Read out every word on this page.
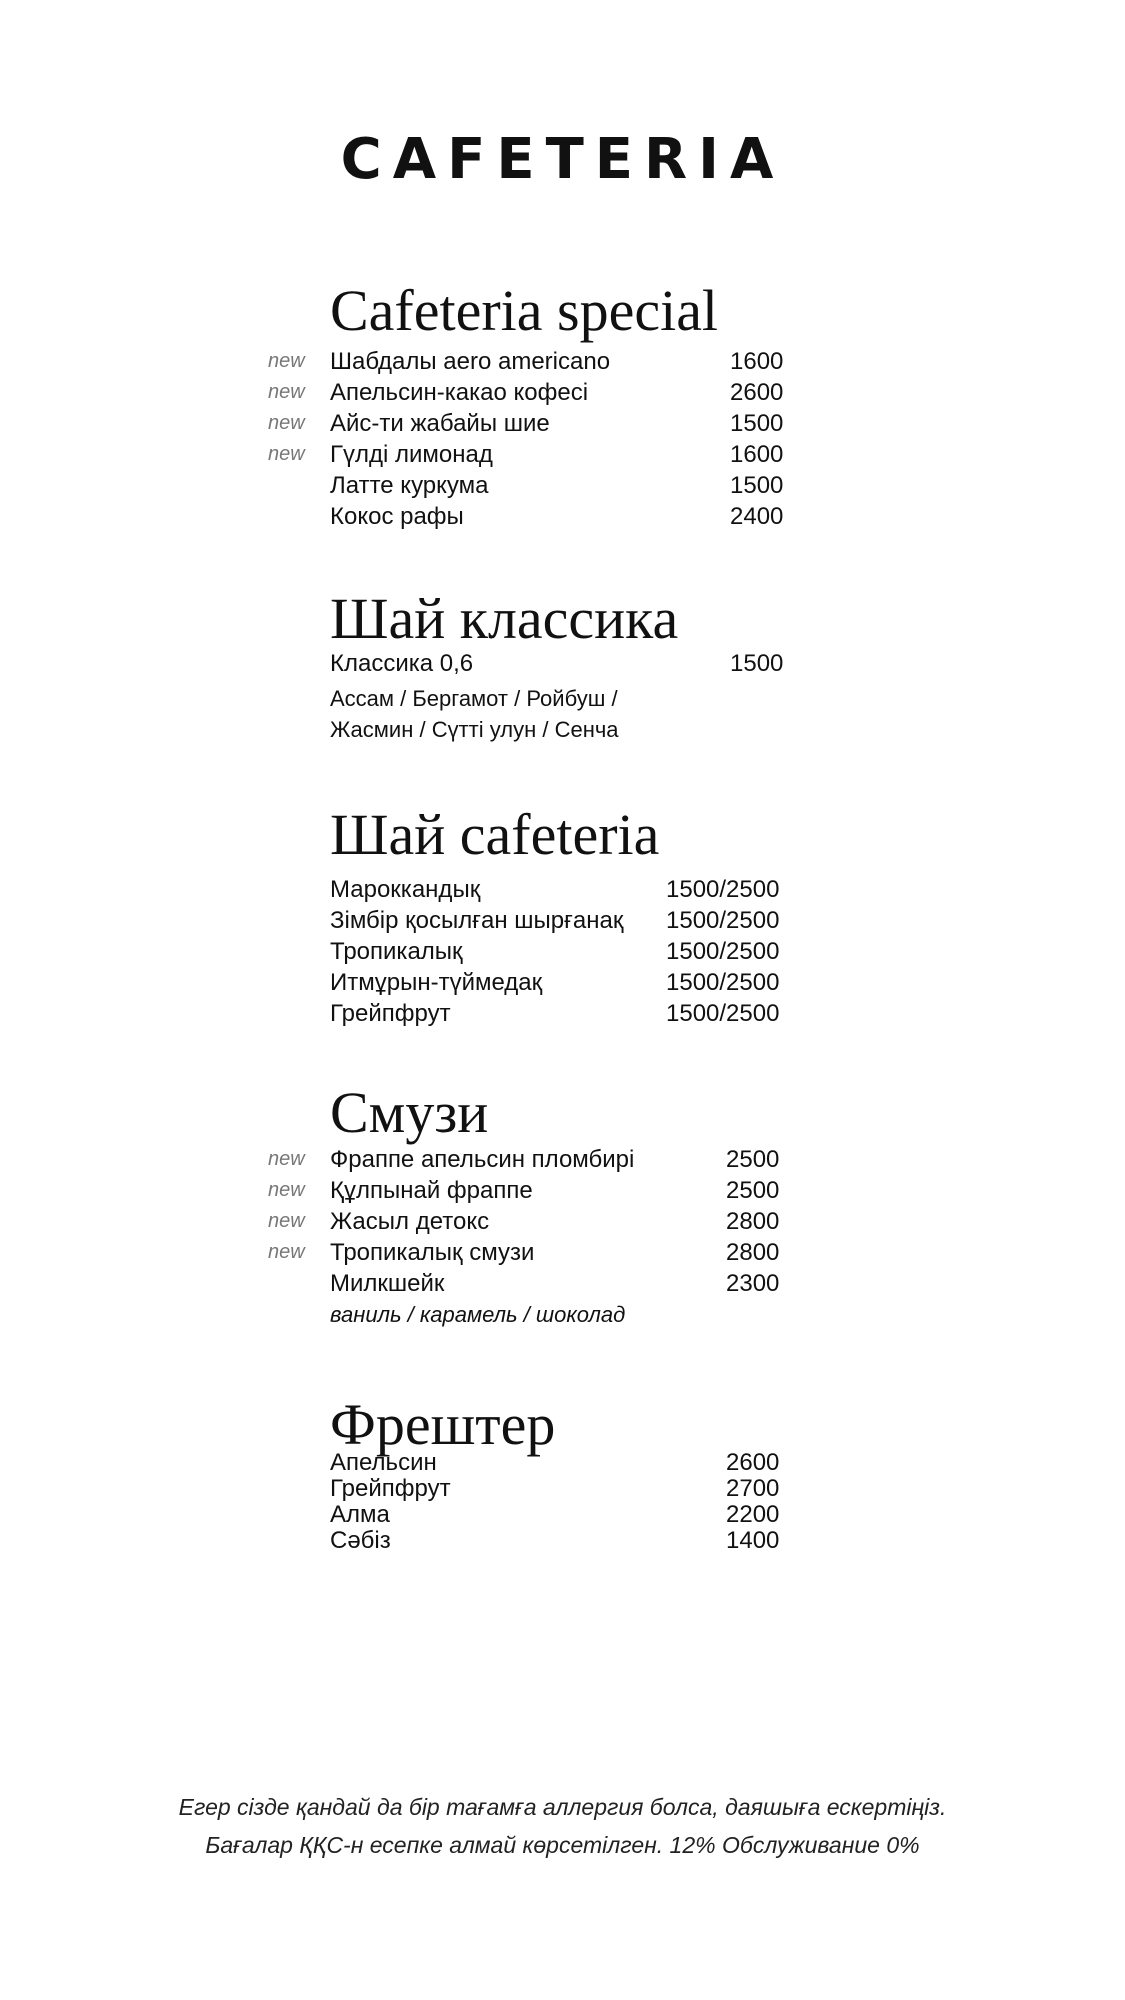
CAFETERIA
Cafeteria special
new Шабдалы aero americano	1600
new Апельсин-какао кофесі	2600
new Айс-ти жабайы шие	1500
new Гүлді лимонад	1600
Латте куркума	1500
Кокос рафы	2400
Шай классика
Классика 0,6	1500
Ассам / Бергамот / Ройбуш /
Жасмин / Сүтті улун / Сенча
Шай cafeteria
Мароккандық	1500/2500
Зімбір қосылған шырғанақ 1500/2500
Тропикалық	1500/2500
Итмұрын-түймедақ	1500/2500
Грейпфрут	1500/2500
Смузи
new Фраппе апельсин пломбирі	2500
new Құлпынай фраппе	2500
new Жасыл детокс	2800
new Тропикалық смузи	2800
Милкшейк	2300
ваниль / карамель / шоколад
Фрештер
Апельсин	2600
Грейпфрут	2700
Алма	2200
Сәбіз	1400
Егер сізде қандай да бір тағамға аллергия болса, даяшыға ескертіңіз.
Бағалар ҚҚС-н есепке алмай көрсетілген. 12% Обслуживание 0%
